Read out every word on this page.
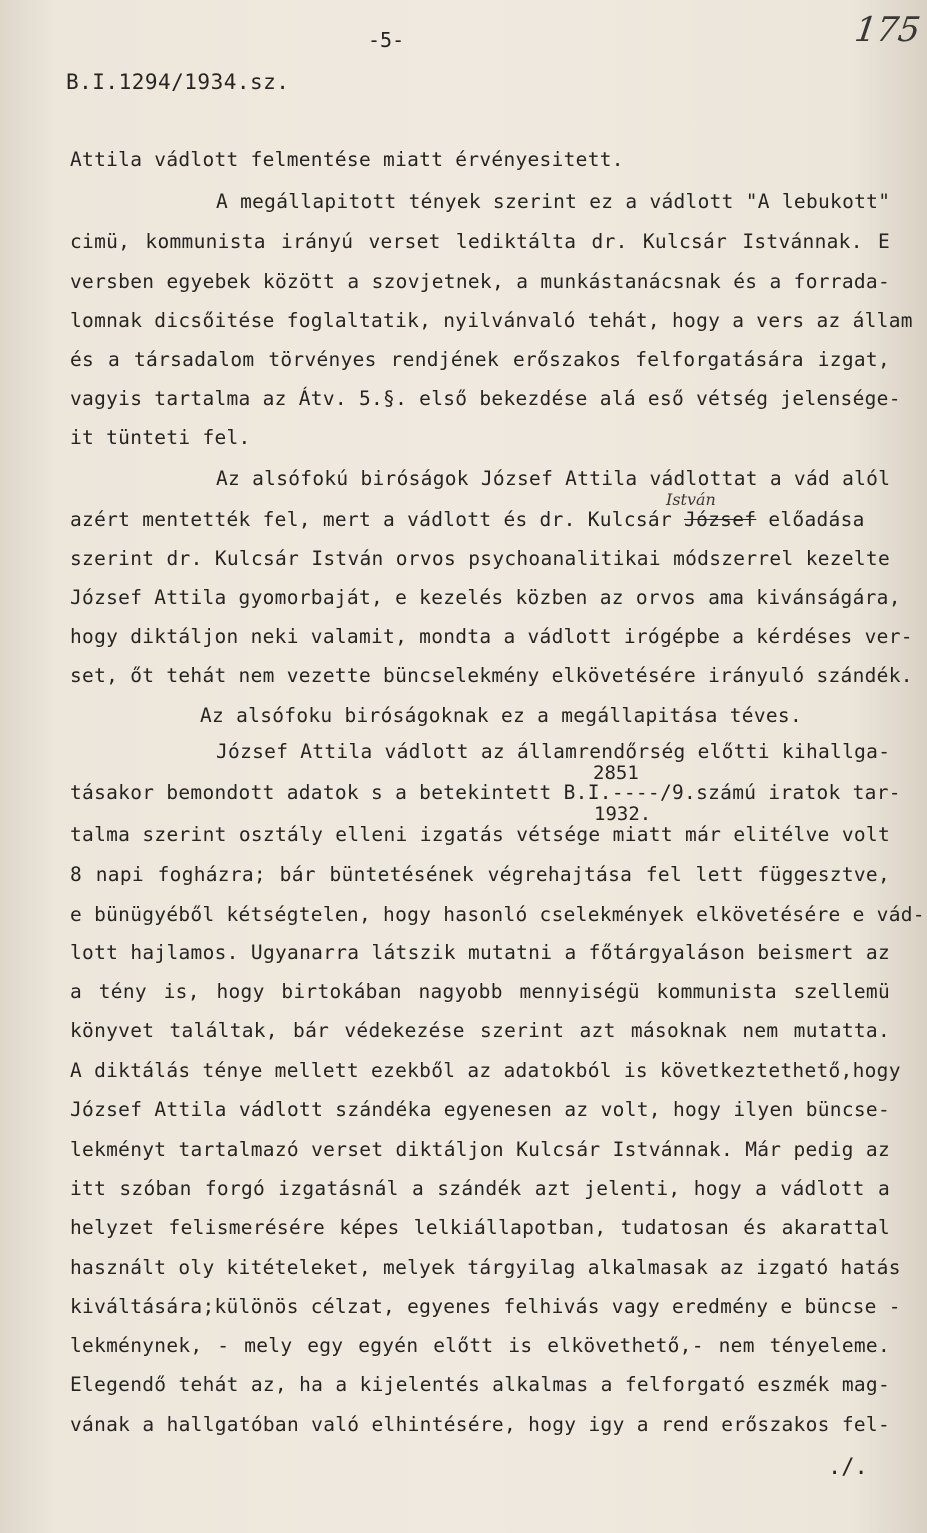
-5-	175
B.I.1294/1934.sz.
Attila vádlott felmentése miatt érvényesitett.
A megállapitott tények szerint ez a vádlott "A lebukott"
cimü, kommunista irányú verset lediktálta dr. Kulcsár Istvánnak. E
versben egyebek között a szovjetnek, a munkástanácsnak és a forrada-
lomnak dicsőitése foglaltatik, nyilvánvaló tehát, hogy a vers az állam
és a társadalom törvényes rendjének erőszakos felforgatására izgat,
vagyis tartalma az Átv. 5.§. első bekezdése alá eső vétség jelensége-
it tünteti fel.
Az alsófokú biróságok József Attila vádlottat a vád alól
István
azért mentették fel, mert a vádlott és dr. Kulcsár József előadása
szerint dr. Kulcsár István orvos psychoanalitikai módszerrel kezelte
József Attila gyomorbaját, e kezelés közben az orvos ama kivánságára,
hogy diktáljon neki valamit, mondta a vádlott irógépbe a kérdéses ver-
set, őt tehát nem vezette büncselekmény elkövetésére irányuló szándék.
Az alsófoku biróságoknak ez a megállapitása téves.
József Attila vádlott az államrendőrség előtti kihallga-
2851
tásakor bemondott adatok s a betekintett B.I.----/9.számú iratok tar-
1932.
talma szerint osztály elleni izgatás vétsége miatt már elitélve volt
8 napi fogházra; bár büntetésének végrehajtása fel lett függesztve,
e bünügyéből kétségtelen, hogy hasonló cselekmények elkövetésére e vád-
lott hajlamos. Ugyanarra látszik mutatni a főtárgyaláson beismert az
a tény is, hogy birtokában nagyobb mennyiségü kommunista szellemü
könyvet találtak, bár védekezése szerint azt másoknak nem mutatta.
A diktálás ténye mellett ezekből az adatokból is következtethető,hogy
József Attila vádlott szándéka egyenesen az volt, hogy ilyen büncse-
lekményt tartalmazó verset diktáljon Kulcsár Istvánnak. Már pedig az
itt szóban forgó izgatásnál a szándék azt jelenti, hogy a vádlott a
helyzet felismerésére képes lelkiállapotban, tudatosan és akarattal
használt oly kitételeket, melyek tárgyilag alkalmasak az izgató hatás
kiváltására;különös célzat, egyenes felhivás vagy eredmény e büncse -
lekménynek, - mely egy egyén előtt is elkövethető,- nem tényeleme.
Elegendő tehát az, ha a kijelentés alkalmas a felforgató eszmék mag-
vának a hallgatóban való elhintésére, hogy igy a rend erőszakos fel-
./.
